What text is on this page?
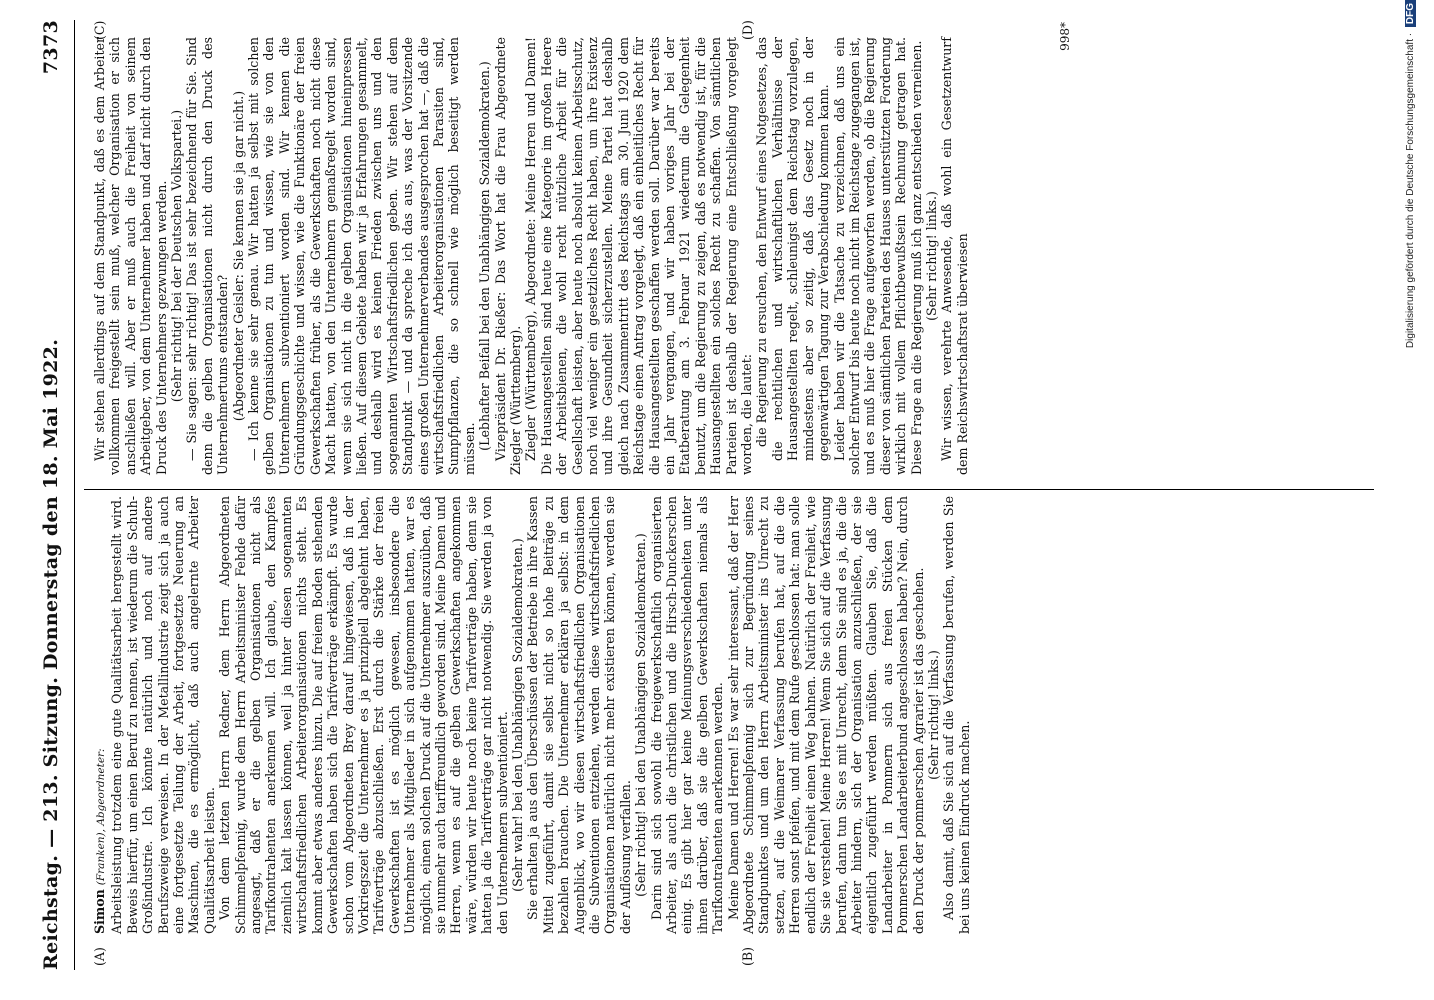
Reichstag. — 213. Sitzung.
Donnerstag den 18. Mai 1922.
7373
(A)	(B)
(C)	(D)

Simon (Franken), Abgeordneter: Arbeitsleistung trotzdem eine gute Qualitätsarbeit hergestellt wird. Beweis hierfür, um einen Beruf zu nennen, ist wiederum die Schuh-Großindustrie. Ich könnte natürlich und noch auf andere Berufszweige verweisen. In der Metallindustrie zeigt sich ja auch eine fortgesetzte Teilung der Arbeit, fortgesetzte Neuerung an Maschinen, die es ermöglicht, daß auch angelernte Arbeiter Qualitätsarbeit leisten. Von dem letzten Herrn Redner, dem Herrn Abgeordneten Schimmelpfennig, wurde dem Herrn Arbeitsminister Fehde dafür angesagt, daß er die gelben Organisationen nicht als Tarifkontrahenten anerkennen will. Ich glaube, den Kampfes ziemlich kalt lassen können, weil ja hinter diesen sogenannten wirtschaftsfriedlichen Arbeiterorganisationen nichts steht. Es kommt aber etwas anderes hinzu. Die auf freiem Boden stehenden Gewerkschaften haben sich die Tarifverträge erkämpft. Es wurde schon vom Abgeordneten Brey darauf hingewiesen, daß in der Vorkriegszeit die Unternehmer es ja prinzipiell abgelehnt haben, Tarifverträge abzuschließen. Erst durch die Stärke der freien Gewerkschaften ist es möglich gewesen, insbesondere die Unternehmer als Mitglieder in sich aufgenommen hatten, war es möglich, einen solchen Druck auf die Unternehmer auszuüben, daß sie nunmehr auch tariffreundlich geworden sind. Meine Damen und Herren, wenn es auf die gelben Gewerkschaften angekommen wäre, würden wir heute noch keine Tarifverträge haben, denn sie hatten ja die Tarifverträge gar nicht notwendig. Sie werden ja von den Unternehmern subventioniert. (Sehr wahr! bei den Unabhängigen Sozialdemokraten.) Sie erhalten ja aus den Überschüssen der Betriebe in ihre Kassen Mittel zugeführt, damit sie selbst nicht so hohe Beiträge zu bezahlen brauchen. Die Unternehmer erklären ja selbst: in dem Augenblick, wo wir diesen wirtschaftsfriedlichen Organisationen die Subventionen entziehen, werden diese wirtschaftsfriedlichen Organisationen natürlich nicht mehr existieren können, werden sie der Auflösung verfallen. (Sehr richtig! bei den Unabhängigen Sozialdemokraten.) Darin sind sich sowohl die freigewerkschaftlich organisierten Arbeiter, als auch die christlichen und die Hirsch-Dunckerschen einig. Es gibt hier gar keine Meinungsverschiedenheiten unter ihnen darüber, daß sie die gelben Gewerkschaften niemals als Tarifkontrahenten anerkennen werden. Meine Damen und Herren! Es war sehr interessant, daß der Herr Abgeordnete Schimmelpfennig sich zur Begründung seines Standpunktes und um den Herrn Arbeitsminister ins Unrecht zu setzen, auf die Weimarer Verfassung berufen hat, auf die die Herren sonst pfeifen, und mit dem Rufe geschlossen hat: man solle endlich der Freiheit einen Weg bahnen. Natürlich der Freiheit, wie Sie sie verstehen! Meine Herren! Wenn Sie sich auf die Verfassung berufen, dann tun Sie es mit Unrecht, denn Sie sind es ja, die die Arbeiter hindern, sich der Organisation anzuschließen, der sie eigentlich zugeführt werden müßten. Glauben Sie, daß die Landarbeiter in Pommern sich aus freien Stücken dem Pommerschen Landarbeiterbund angeschlossen haben? Nein, durch den Druck der pommerschen Agrarier ist das geschehen. (Sehr richtig! links.) Also damit, daß Sie sich auf die Verfassung berufen, werden Sie bei uns keinen Eindruck machen.

Wir stehen allerdings auf dem Standpunkt, daß es dem Arbeiter vollkommen freigestellt sein muß, welcher Organisation er sich anschließen will. Aber er muß auch die Freiheit von seinem Arbeitgeber, von dem Unternehmer haben und darf nicht durch den Druck des Unternehmers gezwungen werden. (Sehr richtig! bei der Deutschen Volkspartei.) — Sie sagen: sehr richtig! Das ist sehr bezeichnend für Sie. Sind denn die gelben Organisationen nicht durch den Druck des Unternehmertums entstanden? (Abgeordneter Geisler: Sie kennen sie ja gar nicht.) — Ich kenne sie sehr genau. Wir hatten ja selbst mit solchen gelben Organisationen zu tun und wissen, wie sie von den Unternehmern subventioniert worden sind. Wir kennen die Gründungsgeschichte und wissen, wie die Funktionäre der freien Gewerkschaften früher, als die Gewerkschaften noch nicht diese Macht hatten, von den Unternehmern gemaßregelt worden sind, wenn sie sich nicht in die gelben Organisationen hineinpressen ließen. Auf diesem Gebiete haben wir ja Erfahrungen gesammelt, und deshalb wird es keinen Frieden zwischen uns und den sogenannten Wirtschaftsfriedlichen geben. Wir stehen auf dem Standpunkt — und da spreche ich das aus, was der Vorsitzende eines großen Unternehmerverbandes ausgesprochen hat —, daß die wirtschaftsfriedlichen Arbeiterorganisationen Parasiten sind, Sumpfpflanzen, die so schnell wie möglich beseitigt werden müssen. (Lebhafter Beifall bei den Unabhängigen Sozialdemokraten.) Vizepräsident Dr. Rießer: Das Wort hat die Frau Abgeordnete Ziegler (Württemberg). Ziegler (Württemberg), Abgeordnete: Meine Herren und Damen! Die Hausangestellten sind heute eine Kategorie im großen Heere der Arbeitsbienen, die wohl recht nützliche Arbeit für die Gesellschaft leisten, aber heute noch absolut keinen Arbeitsschutz, noch viel weniger ein gesetzliches Recht haben, um ihre Existenz und ihre Gesundheit sicherzustellen. Meine Partei hat deshalb gleich nach Zusammentritt des Reichstags am 30. Juni 1920 dem Reichstage einen Antrag vorgelegt, daß ein einheitliches Recht für die Hausangestellten geschaffen werden soll. Darüber war bereits ein Jahr vergangen, und wir haben voriges Jahr bei der Etatberatung am 3. Februar 1921 wiederum die Gelegenheit benutzt, um die Regierung zu zeigen, daß es notwendig ist, für die Hausangestellten ein solches Recht zu schaffen. Von sämtlichen Parteien ist deshalb der Regierung eine Entschließung vorgelegt worden, die lautet: die Regierung zu ersuchen, den Entwurf eines Notgesetzes, das die rechtlichen und wirtschaftlichen Verhältnisse der Hausangestellten regelt, schleunigst dem Reichstag vorzulegen, mindestens aber so zeitig, daß das Gesetz noch in der gegenwärtigen Tagung zur Verabschiedung kommen kann. Leider haben wir die Tatsache zu verzeichnen, daß uns ein solcher Entwurf bis heute noch nicht im Reichstage zugegangen ist, und es muß hier die Frage aufgeworfen werden, ob die Regierung dieser von sämtlichen Parteien des Hauses unterstützten Forderung wirklich mit vollem Pflichtbewußtsein Rechnung getragen hat. Diese Frage an die Regierung muß ich ganz entschieden verneinen. (Sehr richtig! links.) Wir wissen, verehrte Anwesende, daß wohl ein Gesetzentwurf dem Reichswirtschaftsrat überwiesen

998*	Digitalisierung gefördert durch die Deutsche Forschungsgemeinschaft · DFG
